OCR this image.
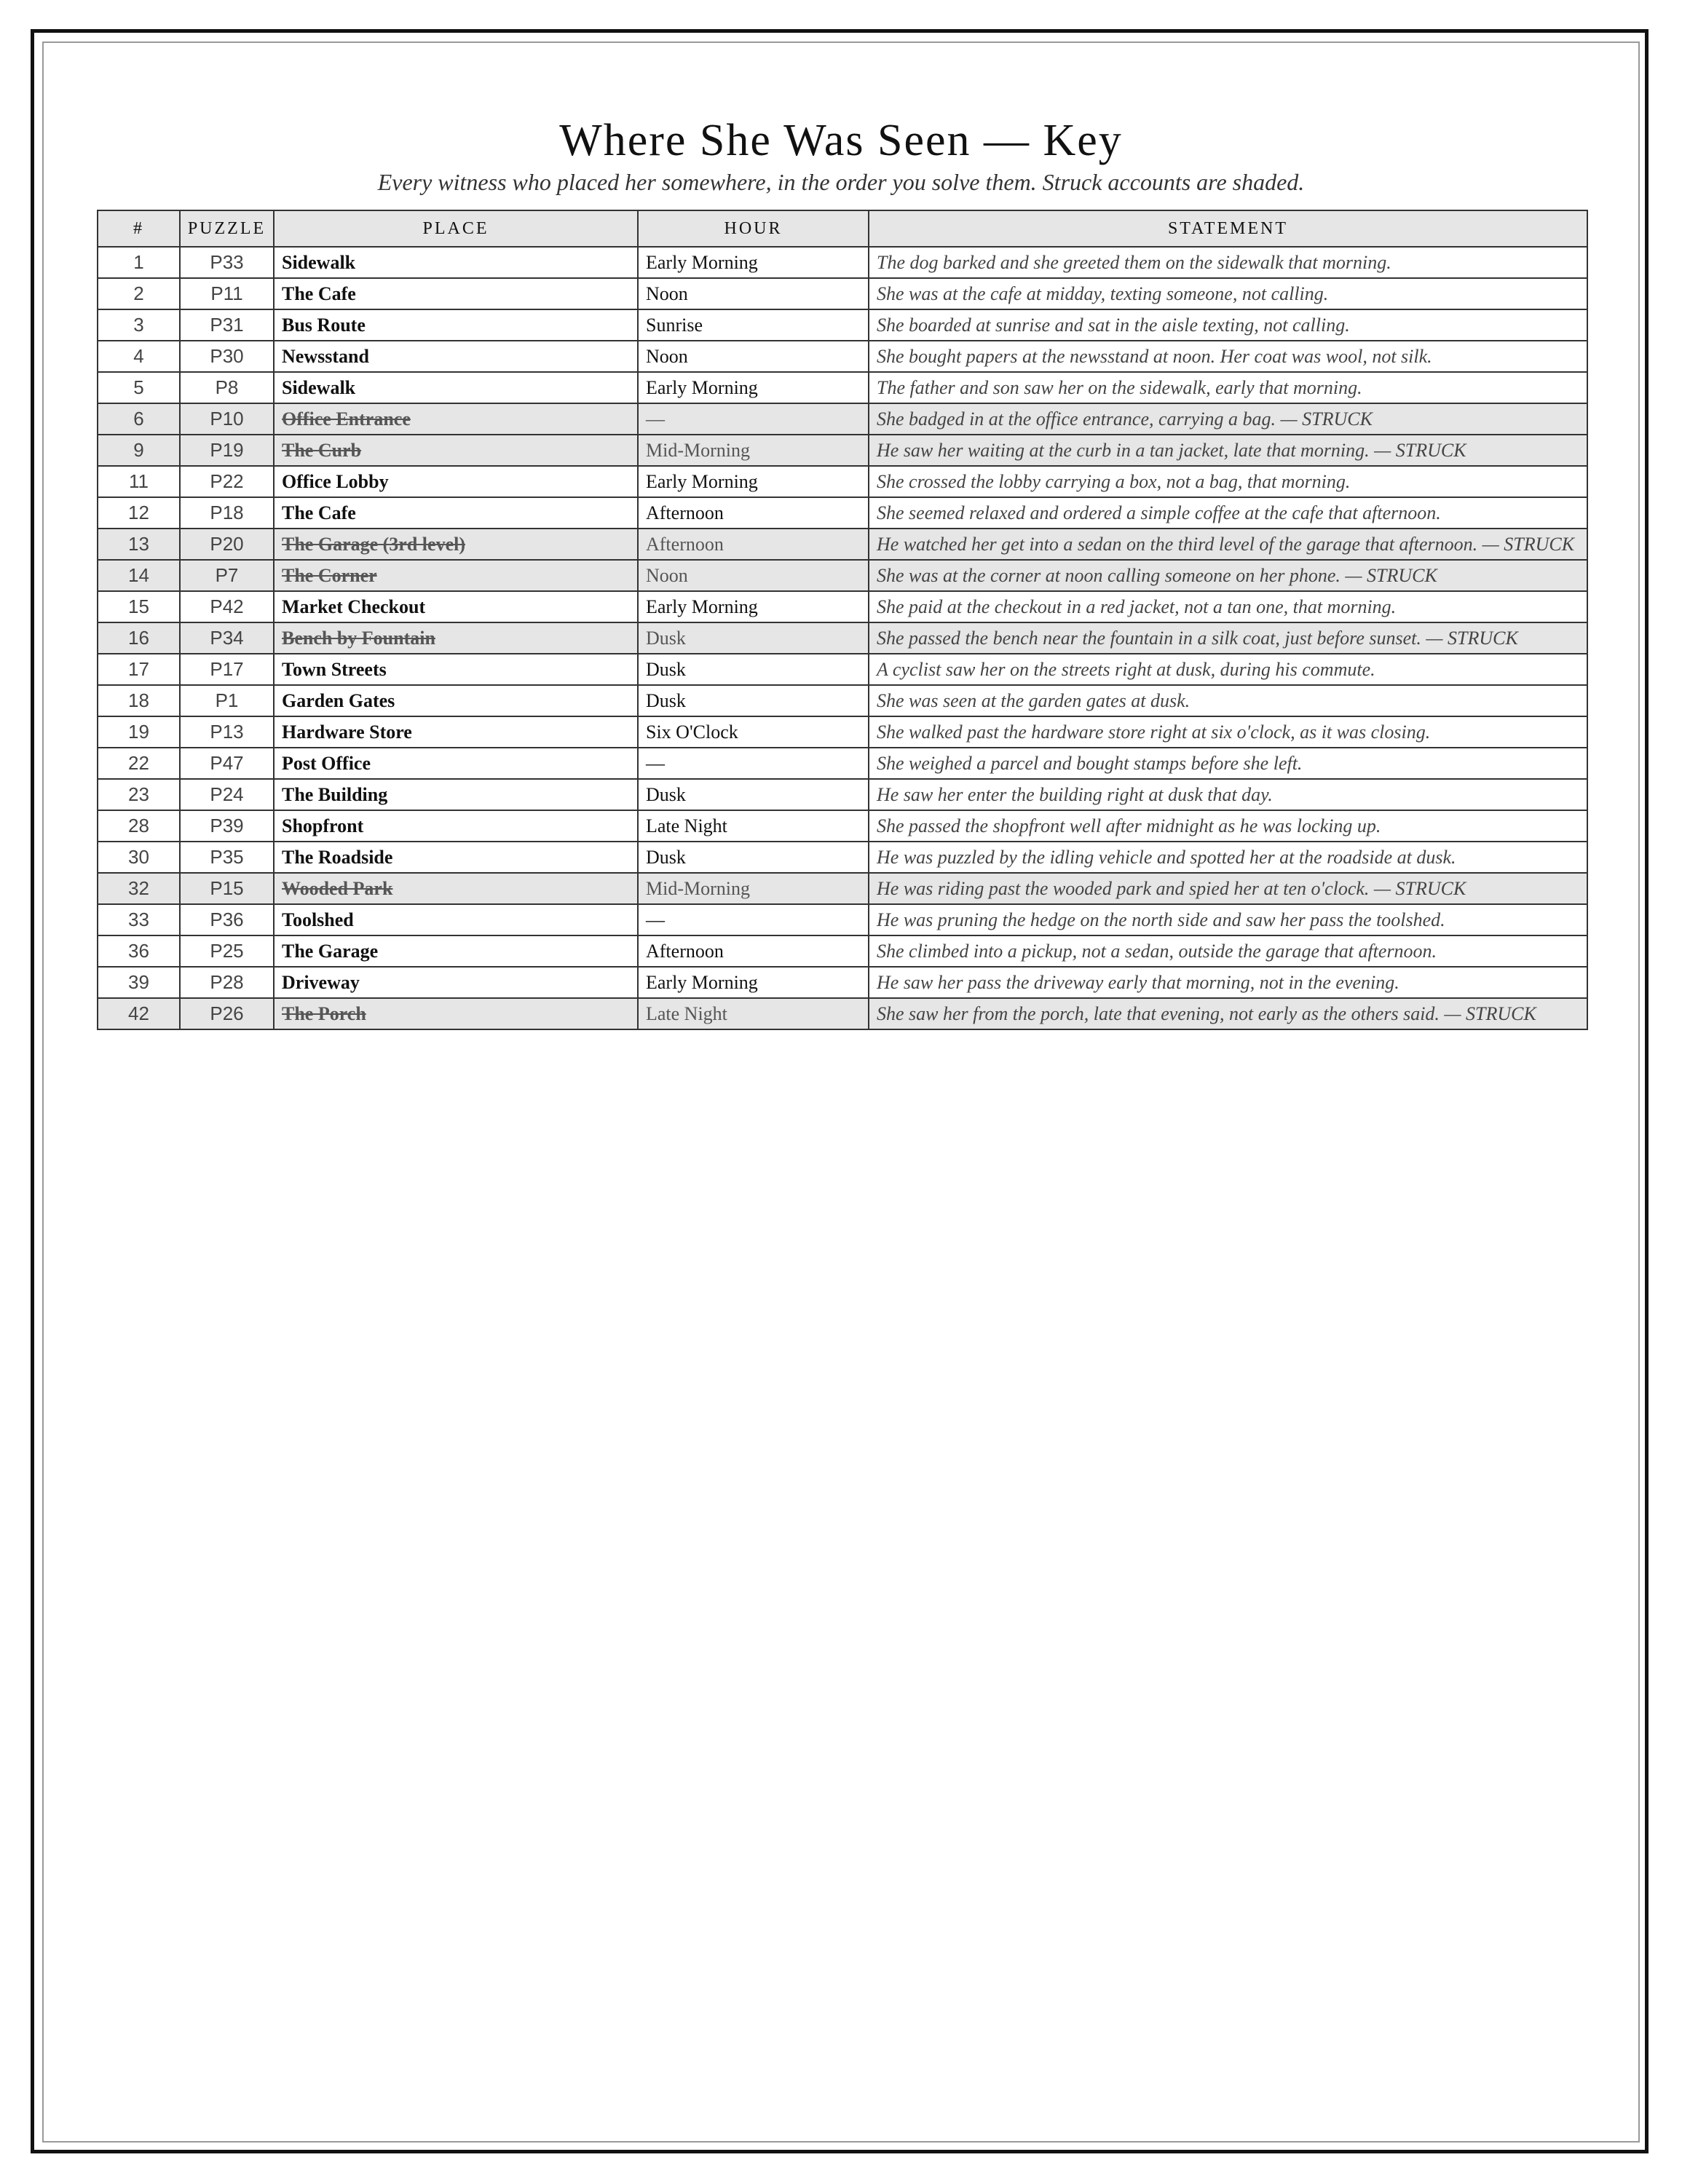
Where She Was Seen — Key

Every witness who placed her somewhere, in the order you solve them. Struck accounts are shaded.

#	PUZZLE	PLACE	HOUR	STATEMENT
1	P33	Sidewalk	Early Morning	The dog barked and she greeted them on the sidewalk that morning.
2	P11	The Cafe	Noon	She was at the cafe at midday, texting someone, not calling.
3	P31	Bus Route	Sunrise	She boarded at sunrise and sat in the aisle texting, not calling.
4	P30	Newsstand	Noon	She bought papers at the newsstand at noon. Her coat was wool, not silk.
5	P8	Sidewalk	Early Morning	The father and son saw her on the sidewalk, early that morning.
6	P10	Office Entrance	—	She badged in at the office entrance, carrying a bag. — STRUCK
9	P19	The Curb	Mid-Morning	He saw her waiting at the curb in a tan jacket, late that morning. — STRUCK
11	P22	Office Lobby	Early Morning	She crossed the lobby carrying a box, not a bag, that morning.
12	P18	The Cafe	Afternoon	She seemed relaxed and ordered a simple coffee at the cafe that afternoon.
13	P20	The Garage (3rd level)	Afternoon	He watched her get into a sedan on the third level of the garage that afternoon. — STRUCK
14	P7	The Corner	Noon	She was at the corner at noon calling someone on her phone. — STRUCK
15	P42	Market Checkout	Early Morning	She paid at the checkout in a red jacket, not a tan one, that morning.
16	P34	Bench by Fountain	Dusk	She passed the bench near the fountain in a silk coat, just before sunset. — STRUCK
17	P17	Town Streets	Dusk	A cyclist saw her on the streets right at dusk, during his commute.
18	P1	Garden Gates	Dusk	She was seen at the garden gates at dusk.
19	P13	Hardware Store	Six O'Clock	She walked past the hardware store right at six o'clock, as it was closing.
22	P47	Post Office	—	She weighed a parcel and bought stamps before she left.
23	P24	The Building	Dusk	He saw her enter the building right at dusk that day.
28	P39	Shopfront	Late Night	She passed the shopfront well after midnight as he was locking up.
30	P35	The Roadside	Dusk	He was puzzled by the idling vehicle and spotted her at the roadside at dusk.
32	P15	Wooded Park	Mid-Morning	He was riding past the wooded park and spied her at ten o'clock. — STRUCK
33	P36	Toolshed	—	He was pruning the hedge on the north side and saw her pass the toolshed.
36	P25	The Garage	Afternoon	She climbed into a pickup, not a sedan, outside the garage that afternoon.
39	P28	Driveway	Early Morning	He saw her pass the driveway early that morning, not in the evening.
42	P26	The Porch	Late Night	She saw her from the porch, late that evening, not early as the others said. — STRUCK
